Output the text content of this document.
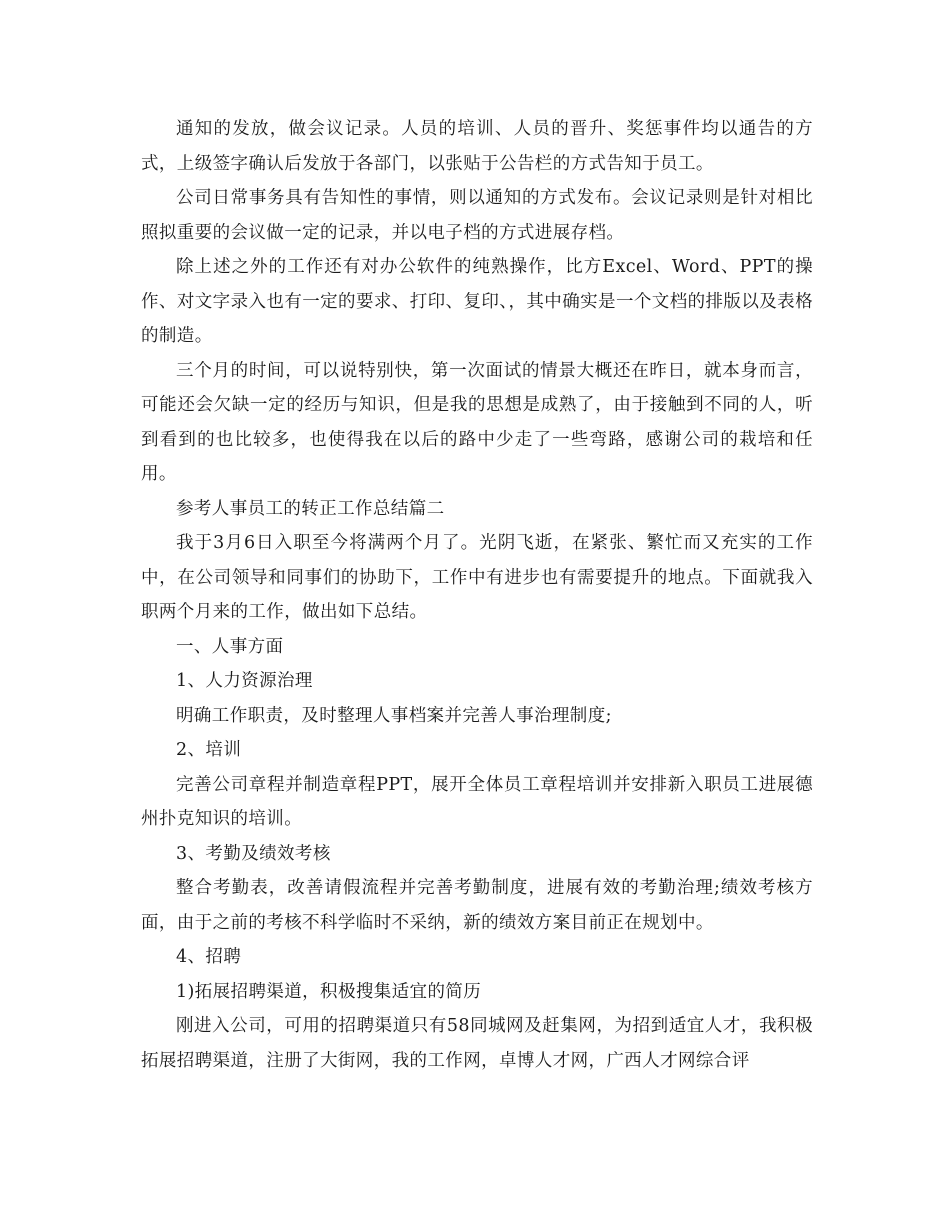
通知的发放，做会议记录。人员的培训、人员的晋升、奖惩事件均以通告的方式，上级签字确认后发放于各部门，以张贴于公告栏的方式告知于员工。

公司日常事务具有告知性的事情，则以通知的方式发布。会议记录则是针对相比照拟重要的会议做一定的记录，并以电子档的方式进展存档。

除上述之外的工作还有对办公软件的纯熟操作，比方Excel、Word、PPT的操作、对文字录入也有一定的要求、打印、复印、，其中确实是一个文档的排版以及表格的制造。

三个月的时间，可以说特别快，第一次面试的情景大概还在昨日，就本身而言，可能还会欠缺一定的经历与知识，但是我的思想是成熟了，由于接触到不同的人，听到看到的也比较多，也使得我在以后的路中少走了一些弯路，感谢公司的栽培和任用。

参考人事员工的转正工作总结篇二

我于3月6日入职至今将满两个月了。光阴飞逝，在紧张、繁忙而又充实的工作中，在公司领导和同事们的协助下，工作中有进步也有需要提升的地点。下面就我入职两个月来的工作，做出如下总结。

一、人事方面

1、人力资源治理

明确工作职责，及时整理人事档案并完善人事治理制度;

2、培训

完善公司章程并制造章程PPT，展开全体员工章程培训并安排新入职员工进展德州扑克知识的培训。

3、考勤及绩效考核

整合考勤表，改善请假流程并完善考勤制度，进展有效的考勤治理;绩效考核方面，由于之前的考核不科学临时不采纳，新的绩效方案目前正在规划中。

4、招聘

1)拓展招聘渠道，积极搜集适宜的简历

刚进入公司，可用的招聘渠道只有58同城网及赶集网，为招到适宜人才，我积极拓展招聘渠道，注册了大街网，我的工作网，卓博人才网，广西人才网综合评
